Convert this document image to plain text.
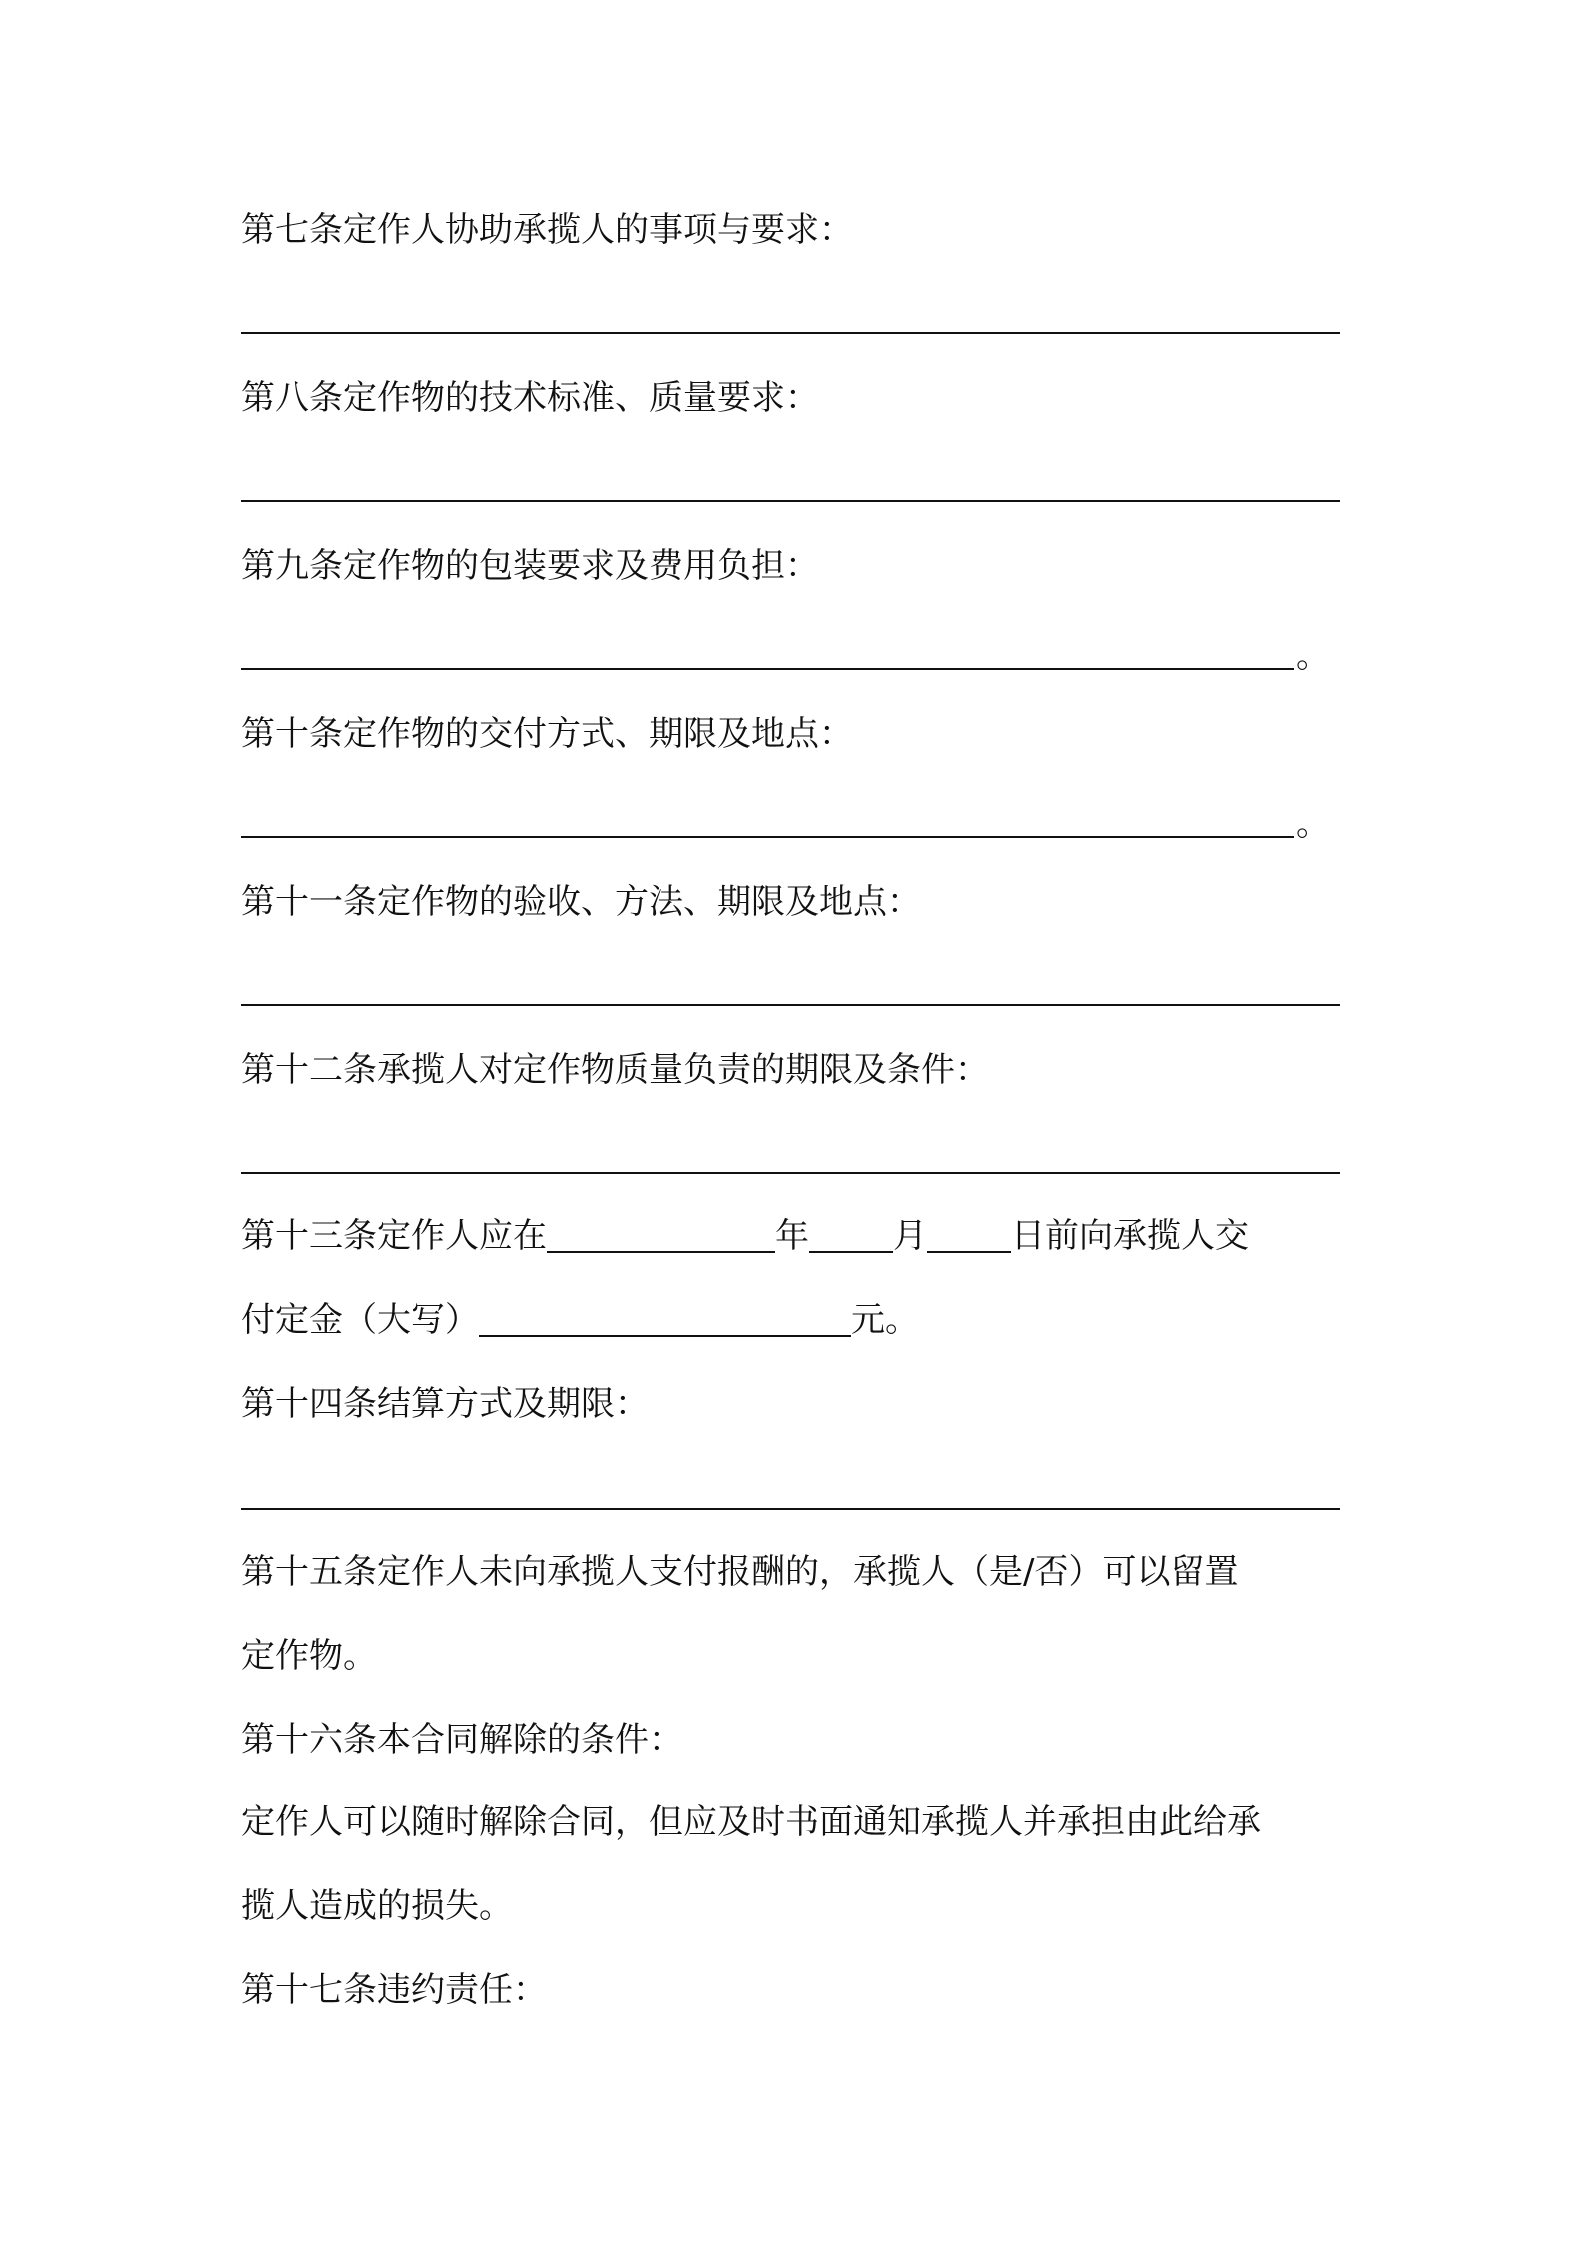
第七条定作人协助承揽人的事项与要求：
第八条定作物的技术标准、质量要求：
第九条定作物的包装要求及费用负担：
。
第十条定作物的交付方式、期限及地点：
。
第十一条定作物的验收、方法、期限及地点：
第十二条承揽人对定作物质量负责的期限及条件：
第十三条定作人应在	年 月 日前向承揽人交
付定金（大写）	元。
第十四条结算方式及期限：
第十五条定作人未向承揽人支付报酬的，承揽人（是/否）可以留置
定作物。
第十六条本合同解除的条件：
定作人可以随时解除合同，但应及时书面通知承揽人并承担由此给承
揽人造成的损失。
第十七条违约责任：
